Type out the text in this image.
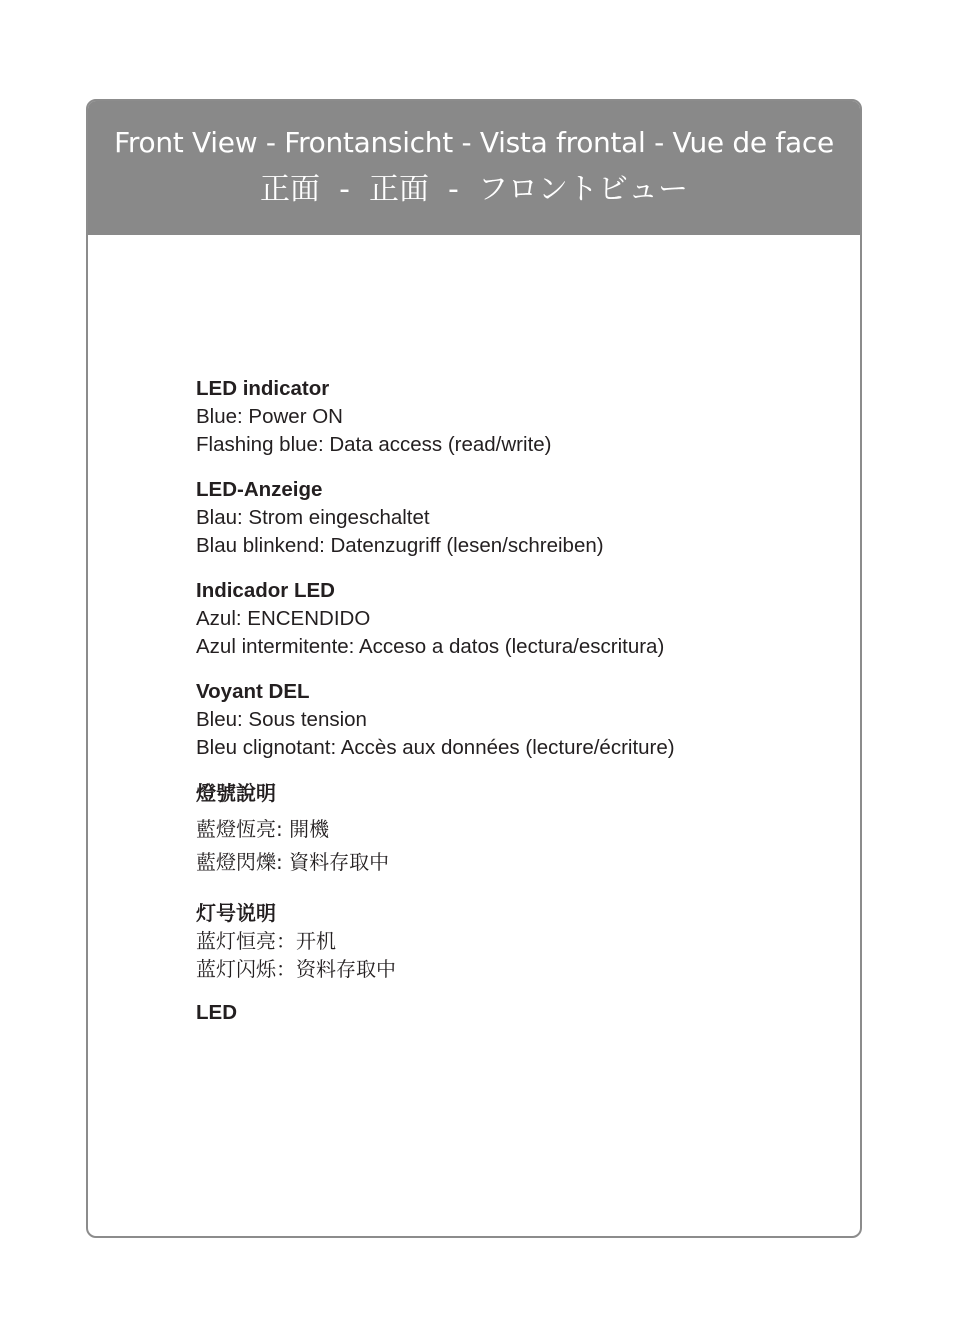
Front View - Frontansicht - Vista frontal - Vue de face
正面  -  正面  -  フロントビュー
LED indicator
Blue: Power ON
Flashing blue: Data access (read/write)
LED-Anzeige
Blau: Strom eingeschaltet
Blau blinkend: Datenzugriff (lesen/schreiben)
Indicador LED
Azul: ENCENDIDO
Azul intermitente: Acceso a datos (lectura/escritura)
Voyant DEL
Bleu: Sous tension
Bleu clignotant: Accès aux données (lecture/écriture)
燈號說明
藍燈恆亮: 開機
藍燈閃爍: 資料存取中
灯号说明
蓝灯恒亮：开机
蓝灯闪烁：资料存取中
LED
